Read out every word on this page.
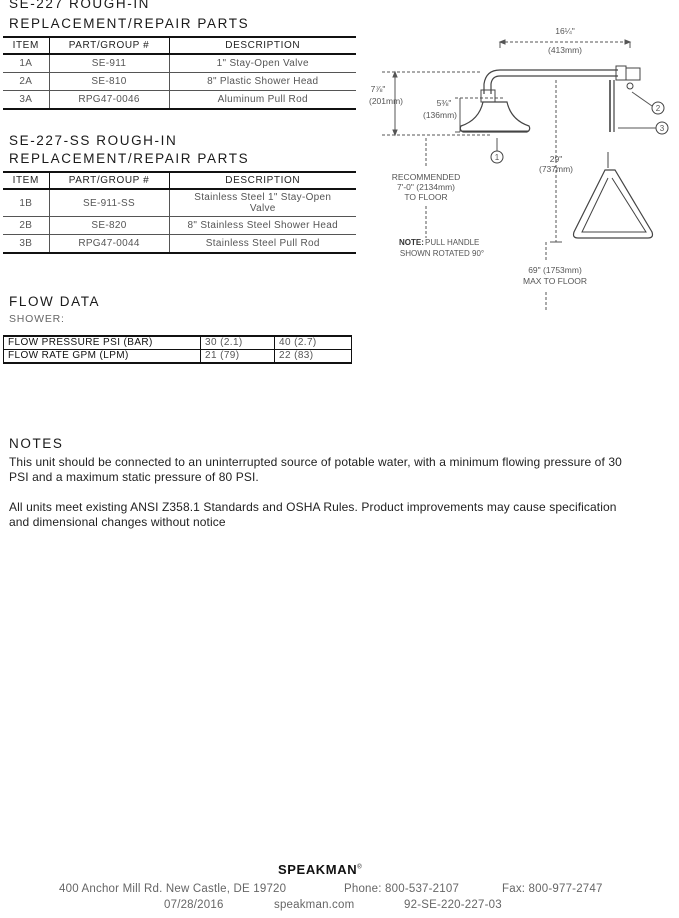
SE-227 ROUGH-IN
REPLACEMENT/REPAIR PARTS
ITEM	PART/GROUP #	DESCRIPTION
1A	SE-911	1" Stay-Open Valve
2A	SE-810	8" Plastic Shower Head
3A	RPG47-0046	Aluminum Pull Rod
SE-227-SS ROUGH-IN
REPLACEMENT/REPAIR PARTS
ITEM	PART/GROUP #	DESCRIPTION
1B	SE-911-SS	Stainless Steel 1" Stay-Open Valve
2B	SE-820	8" Stainless Steel Shower Head
3B	RPG47-0044	Stainless Steel Pull Rod
FLOW DATA
SHOWER:
FLOW PRESSURE PSI (BAR)	30 (2.1)	40 (2.7)
FLOW RATE GPM (LPM)	21 (79)	22 (83)
NOTES
This unit should be connected to an uninterrupted source of potable water, with a minimum flowing pressure of 30 PSI and a maximum static pressure of 80 PSI.
All units meet existing ANSI Z358.1 Standards and OSHA Rules. Product improvements may cause specification and dimensional changes without notice
1
2
3
16¼"
(413mm)
7⅞"
(201mm)	5⅜"
(136mm)
RECOMMENDED
7'-0" (2134mm)
TO FLOOR
29"
(737mm)
NOTE: PULL HANDLE
SHOWN ROTATED 90°
69" (1753mm)
MAX TO FLOOR
SPEAKMAN®
400 Anchor Mill Rd. New Castle, DE 19720	Phone: 800-537-2107	Fax: 800-977-2747
07/28/2016	speakman.com	92-SE-220-227-03
